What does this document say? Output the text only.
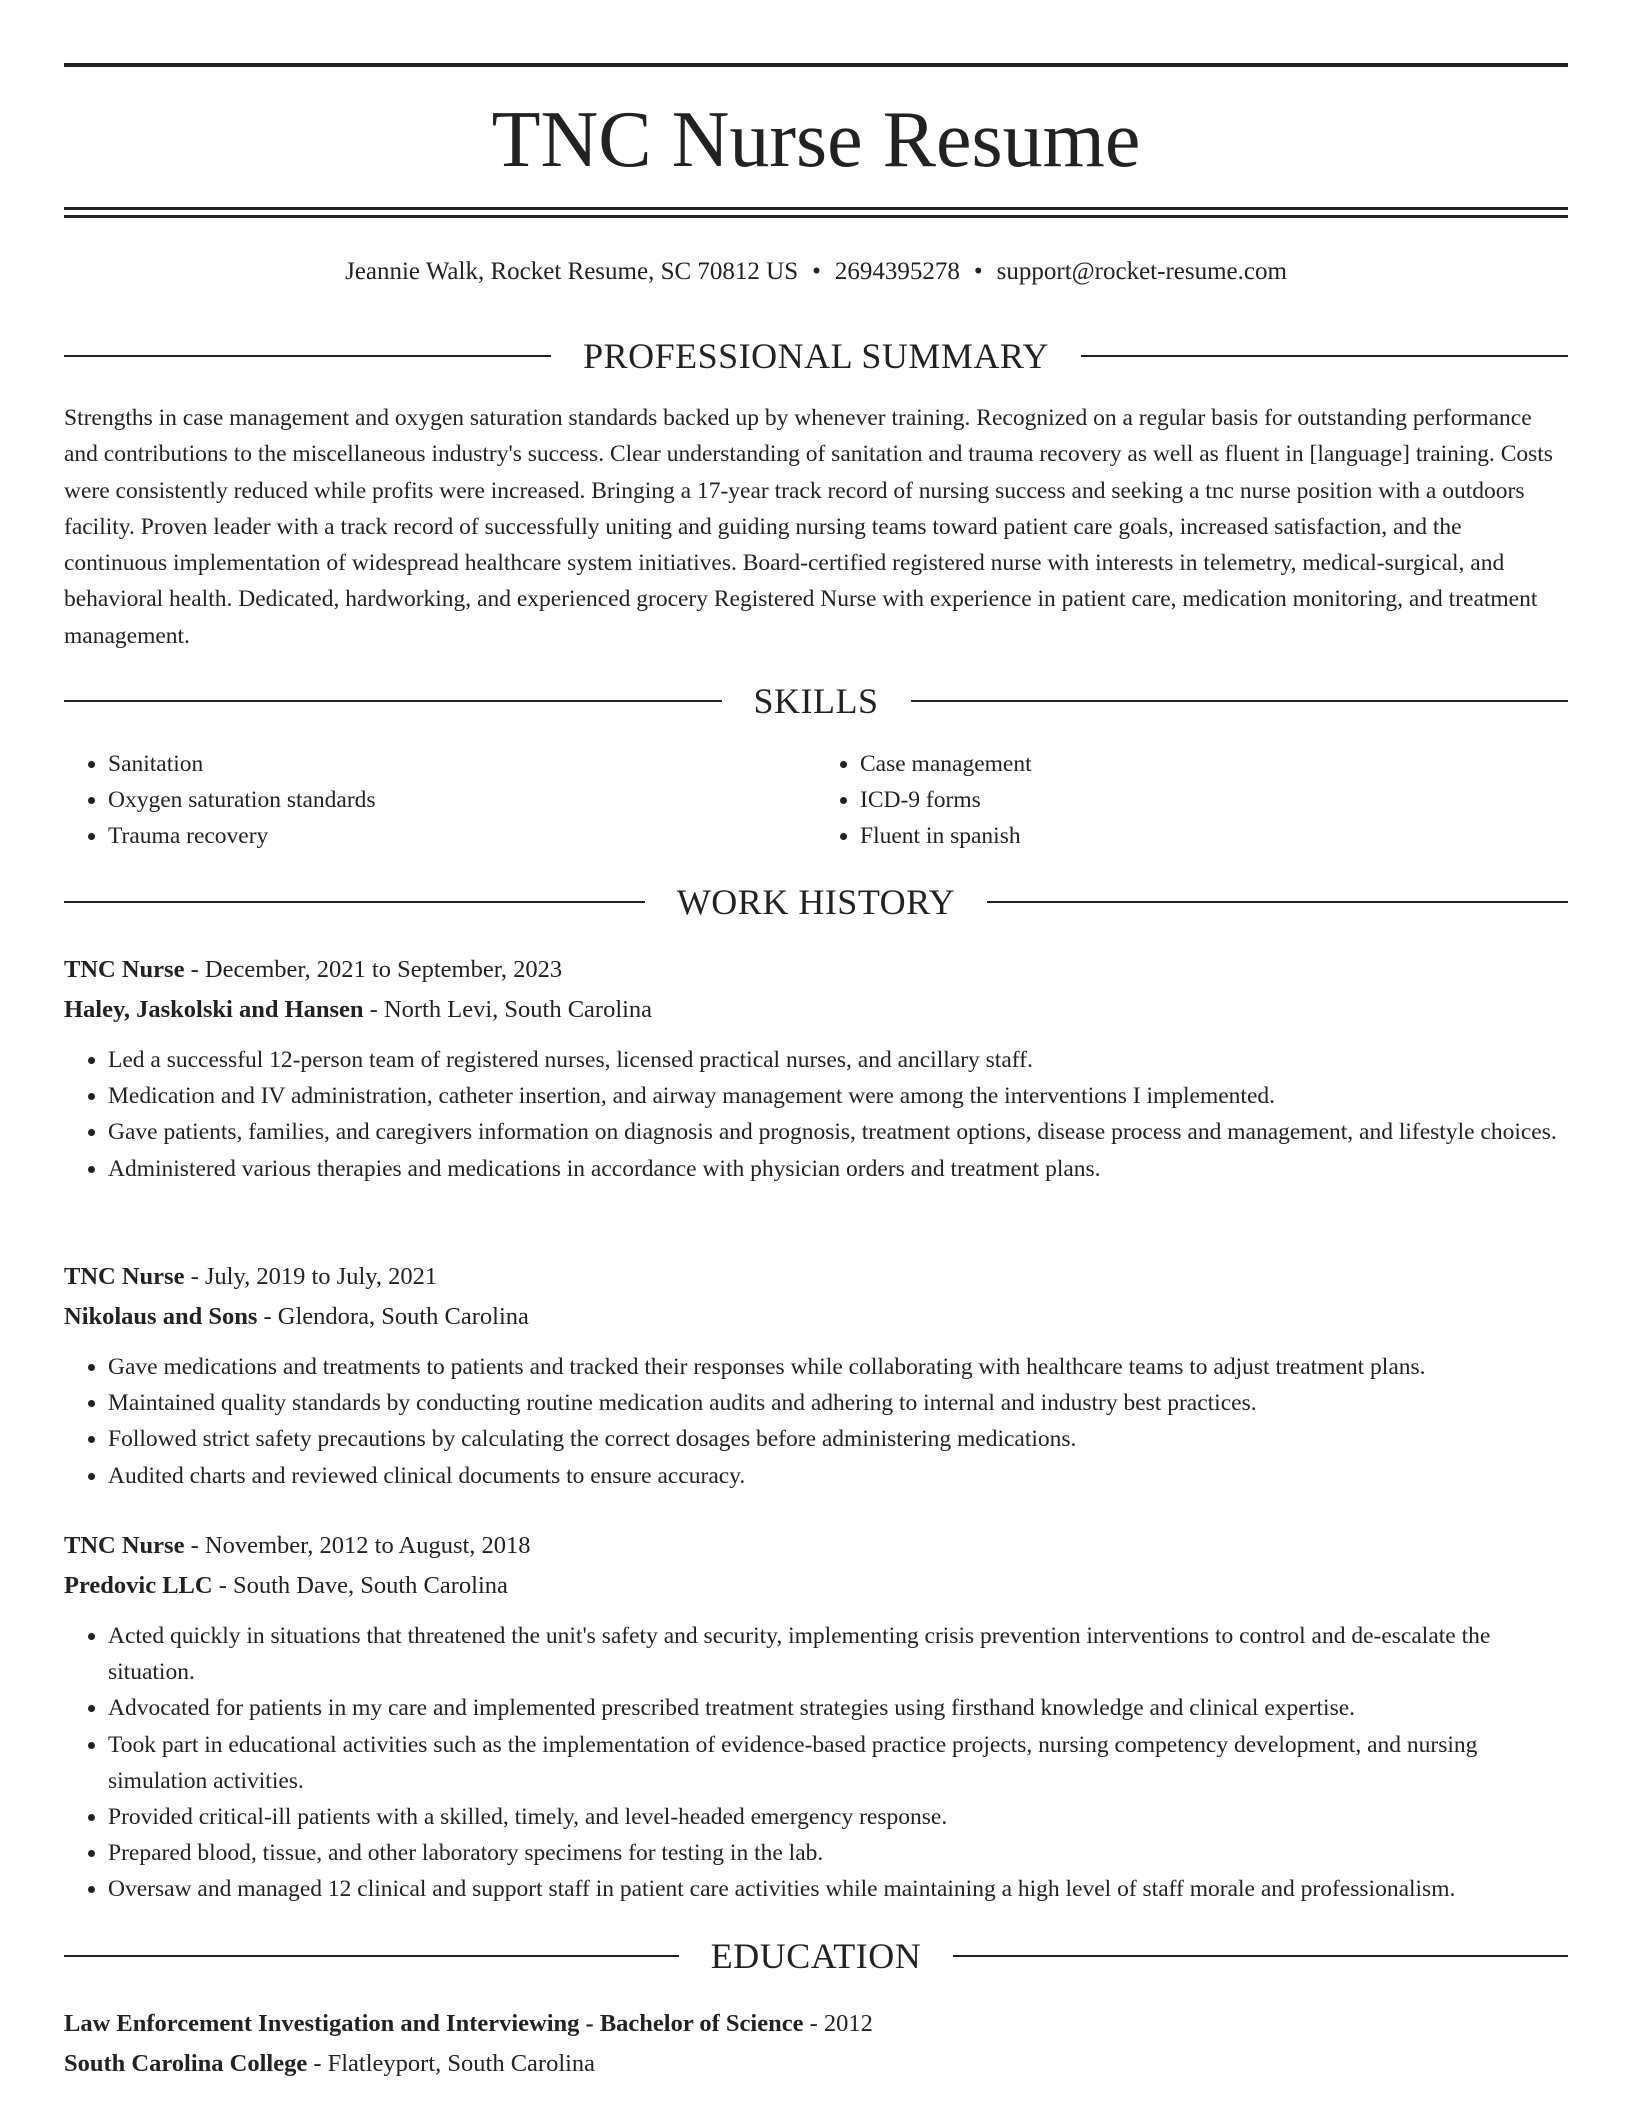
TNC Nurse Resume
Jeannie Walk, Rocket Resume, SC 70812 US • 2694395278 • support@rocket-resume.com
PROFESSIONAL SUMMARY

Strengths in case management and oxygen saturation standards backed up by whenever training. Recognized on a regular basis for outstanding performance and contributions to the miscellaneous industry's success. Clear understanding of sanitation and trauma recovery as well as fluent in [language] training. Costs were consistently reduced while profits were increased. Bringing a 17-year track record of nursing success and seeking a tnc nurse position with a outdoors facility. Proven leader with a track record of successfully uniting and guiding nursing teams toward patient care goals, increased satisfaction, and the continuous implementation of widespread healthcare system initiatives. Board-certified registered nurse with interests in telemetry, medical-surgical, and behavioral health. Dedicated, hardworking, and experienced grocery Registered Nurse with experience in patient care, medication monitoring, and treatment management.

SKILLS
• Sanitation
• Oxygen saturation standards
• Trauma recovery
• Case management
• ICD-9 forms
• Fluent in spanish
WORK HISTORY
TNC Nurse - December, 2021 to September, 2023
Haley, Jaskolski and Hansen - North Levi, South Carolina
• Led a successful 12-person team of registered nurses, licensed practical nurses, and ancillary staff.
• Medication and IV administration, catheter insertion, and airway management were among the interventions I implemented.
• Gave patients, families, and caregivers information on diagnosis and prognosis, treatment options, disease process and management, and lifestyle choices.
• Administered various therapies and medications in accordance with physician orders and treatment plans.
TNC Nurse - July, 2019 to July, 2021
Nikolaus and Sons - Glendora, South Carolina
• Gave medications and treatments to patients and tracked their responses while collaborating with healthcare teams to adjust treatment plans.
• Maintained quality standards by conducting routine medication audits and adhering to internal and industry best practices.
• Followed strict safety precautions by calculating the correct dosages before administering medications.
• Audited charts and reviewed clinical documents to ensure accuracy.
TNC Nurse - November, 2012 to August, 2018
Predovic LLC - South Dave, South Carolina
• Acted quickly in situations that threatened the unit's safety and security, implementing crisis prevention interventions to control and de-escalate the situation.
• Advocated for patients in my care and implemented prescribed treatment strategies using firsthand knowledge and clinical expertise.
• Took part in educational activities such as the implementation of evidence-based practice projects, nursing competency development, and nursing simulation activities.
• Provided critical-ill patients with a skilled, timely, and level-headed emergency response.
• Prepared blood, tissue, and other laboratory specimens for testing in the lab.
• Oversaw and managed 12 clinical and support staff in patient care activities while maintaining a high level of staff morale and professionalism.
EDUCATION
Law Enforcement Investigation and Interviewing - Bachelor of Science - 2012
South Carolina College - Flatleyport, South Carolina
